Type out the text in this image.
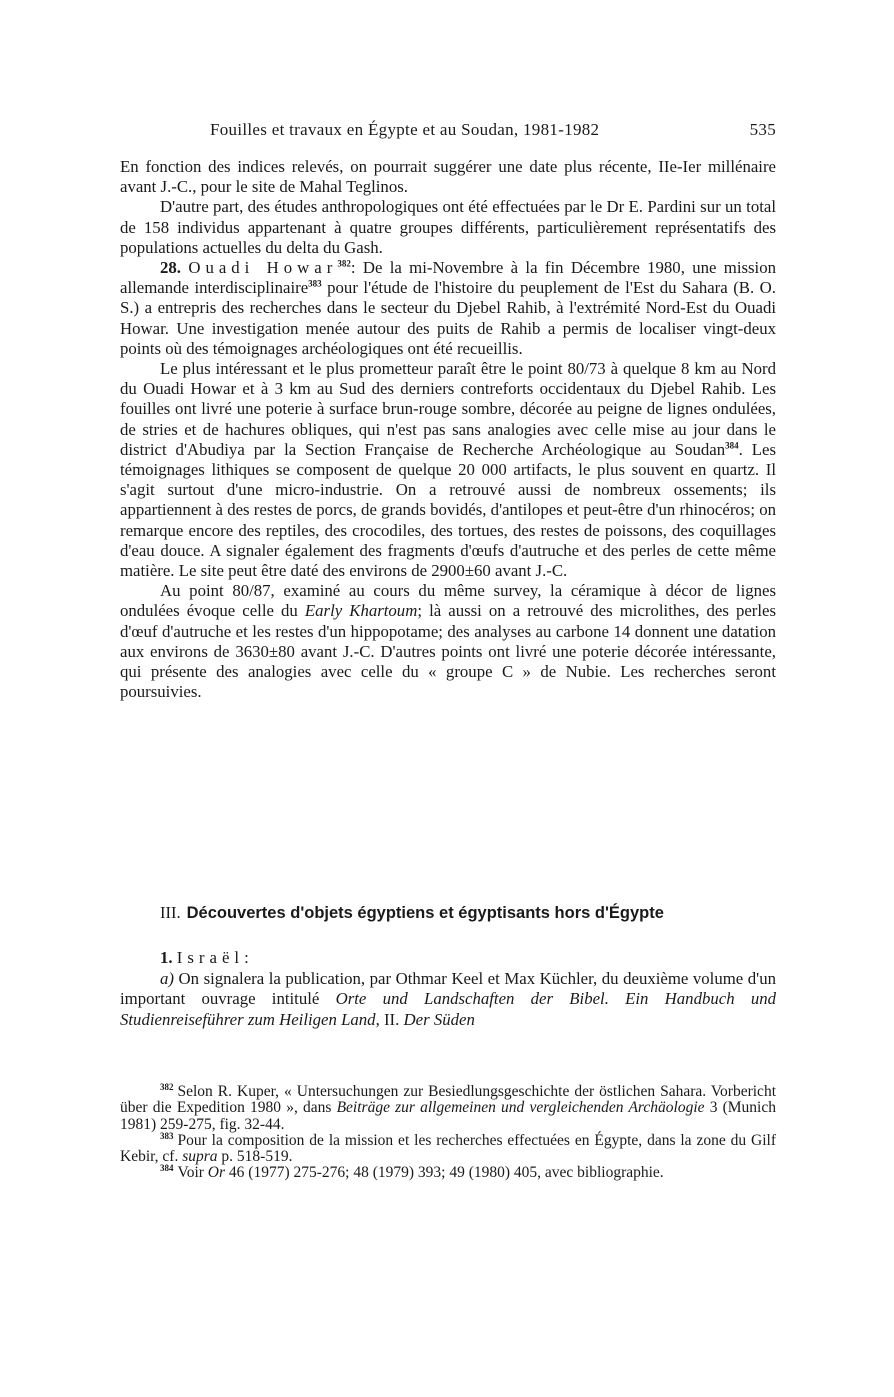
Fouilles et travaux en Égypte et au Soudan, 1981-1982	535

En fonction des indices relevés, on pourrait suggérer une date plus récente, IIe-Ier millénaire avant J.-C., pour le site de Mahal Teglinos.

D'autre part, des études anthropologiques ont été effectuées par le Dr E. Pardini sur un total de 158 individus appartenant à quatre groupes différents, particulièrement représentatifs des populations actuelles du delta du Gash.

28. Ouadi Howar$^{382}$: De la mi-Novembre à la fin Décembre 1980, une mission allemande interdisciplinaire$^{383}$ pour l'étude de l'histoire du peuplement de l'Est du Sahara (B. O. S.) a entrepris des recherches dans le secteur du Djebel Rahib, à l'extrémité Nord-Est du Ouadi Howar. Une investigation menée autour des puits de Rahib a permis de localiser vingt-deux points où des témoignages archéologiques ont été recueillis.

Le plus intéressant et le plus prometteur paraît être le point 80/73 à quelque 8 km au Nord du Ouadi Howar et à 3 km au Sud des derniers contreforts occidentaux du Djebel Rahib. Les fouilles ont livré une poterie à surface brun-rouge sombre, décorée au peigne de lignes ondulées, de stries et de hachures obliques, qui n'est pas sans analogies avec celle mise au jour dans le district d'Abudiya par la Section Française de Recherche Archéologique au Soudan$^{384}$. Les témoignages lithiques se composent de quelque 20 000 artifacts, le plus souvent en quartz. Il s'agit surtout d'une micro-industrie. On a retrouvé aussi de nombreux ossements; ils appartiennent à des restes de porcs, de grands bovidés, d'antilopes et peut-être d'un rhinocéros; on remarque encore des reptiles, des crocodiles, des tortues, des restes de poissons, des coquillages d'eau douce. A signaler également des fragments d'œufs d'autruche et des perles de cette même matière. Le site peut être daté des environs de 2900±60 avant J.-C.

Au point 80/87, examiné au cours du même survey, la céramique à décor de lignes ondulées évoque celle du Early Khartoum; là aussi on a retrouvé des microlithes, des perles d'œuf d'autruche et les restes d'un hippopotame; des analyses au carbone 14 donnent une datation aux environs de 3630±80 avant J.-C. D'autres points ont livré une poterie décorée intéressante, qui présente des analogies avec celle du « groupe C » de Nubie. Les recherches seront poursuivies.

III. Découvertes d'objets égyptiens et égyptisants hors d'Égypte

1. Israël:

a) On signalera la publication, par Othmar Keel et Max Küchler, du deuxième volume d'un important ouvrage intitulé Orte und Landschaften der Bibel. Ein Handbuch und Studienreiseführer zum Heiligen Land, II. Der Süden

$^{382}$ Selon R. Kuper, « Untersuchungen zur Besiedlungsgeschichte der östlichen Sahara. Vorbericht über die Expedition 1980 », dans Beiträge zur allgemeinen und vergleichenden Archäologie 3 (Munich 1981) 259-275, fig. 32-44.

$^{383}$ Pour la composition de la mission et les recherches effectuées en Égypte, dans la zone du Gilf Kebir, cf. supra p. 518-519.

$^{384}$ Voir Or 46 (1977) 275-276; 48 (1979) 393; 49 (1980) 405, avec bibliographie.
